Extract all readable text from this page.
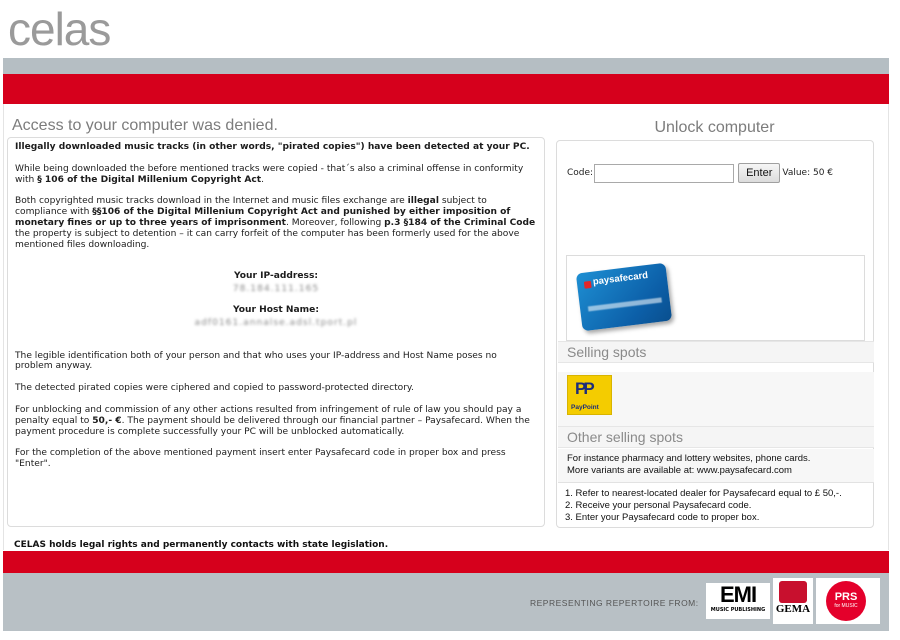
celas
Access to your computer was denied.

Illegally downloaded music tracks (in other words, "pirated copies") have been detected at your PC.

While being downloaded the before mentioned tracks were copied - that´s also a criminal offense in conformity with § 106 of the Digital Millenium Copyright Act.

Both copyrighted music tracks download in the Internet and music files exchange are illegal subject to compliance with §§106 of the Digital Millenium Copyright Act and punished by either imposition of monetary fines or up to three years of imprisonment. Moreover, following p.3 §184 of the Criminal Code the property is subject to detention – it can carry forfeit of the computer has been formerly used for the above mentioned files downloading.

Your IP-address:
78.184.111.165
Your Host Name:
adf0161.annalse.adsl.tport.pl

The legible identification both of your person and that who uses your IP-address and Host Name poses no problem anyway.

The detected pirated copies were ciphered and copied to password-protected directory.

For unblocking and commission of any other actions resulted from infringement of rule of law you should pay a penalty equal to 50,- €. The payment should be delivered through our financial partner – Paysafecard. When the payment procedure is complete successfully your PC will be unblocked automatically.

For the completion of the above mentioned payment insert enter Paysafecard code in proper box and press "Enter".

CELAS holds legal rights and permanently contacts with state legislation.
Unlock computer
Code:	Enter	Value: 50 €
paysafecard
Selling spots
PP
PayPoint
Other selling spots
For instance pharmacy and lottery websites, phone cards.
More variants are available at: www.paysafecard.com
1. Refer to nearest-located dealer for Paysafecard equal to £ 50,-.
2. Receive your personal Paysafecard code.
3. Enter your Paysafecard code to proper box.
REPRESENTING REPERTOIRE FROM: EMI
MUSIC PUBLISHING GEMA
PRS
for MUSIC
